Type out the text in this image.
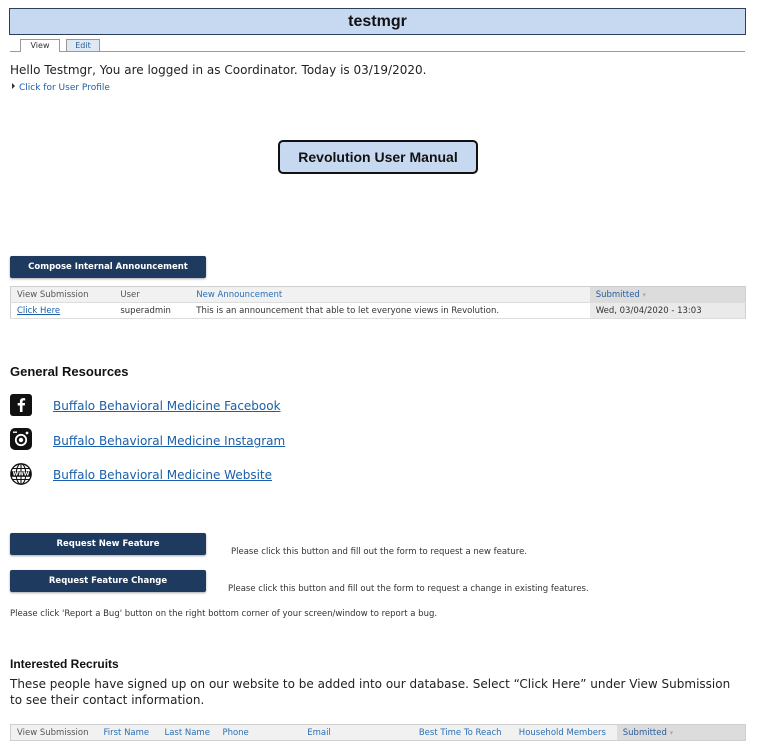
testmgr
View	Edit
Hello Testmgr, You are logged in as Coordinator. Today is 03/19/2020.
Click for User Profile
Revolution User Manual
Compose Internal Announcement
View Submission	User	New Announcement	Submitted ▾
Click Here	superadmin	This is an announcement that able to let everyone views in Revolution.	Wed, 03/04/2020 - 13:03
General Resources
Buffalo Behavioral Medicine Facebook
Buffalo Behavioral Medicine Instagram
WWW Buffalo Behavioral Medicine Website
Request New Feature
Please click this button and fill out the form to request a new feature.
Request Feature Change
Please click this button and fill out the form to request a change in existing features.
Please click 'Report a Bug' button on the right bottom corner of your screen/window to report a bug.
Interested Recruits
These people have signed up on our website to be added into our database. Select “Click Here” under View Submission to see their contact information.
View Submission	First Name	Last Name	Phone	Email	Best Time To Reach	Household Members	Submitted ▾
